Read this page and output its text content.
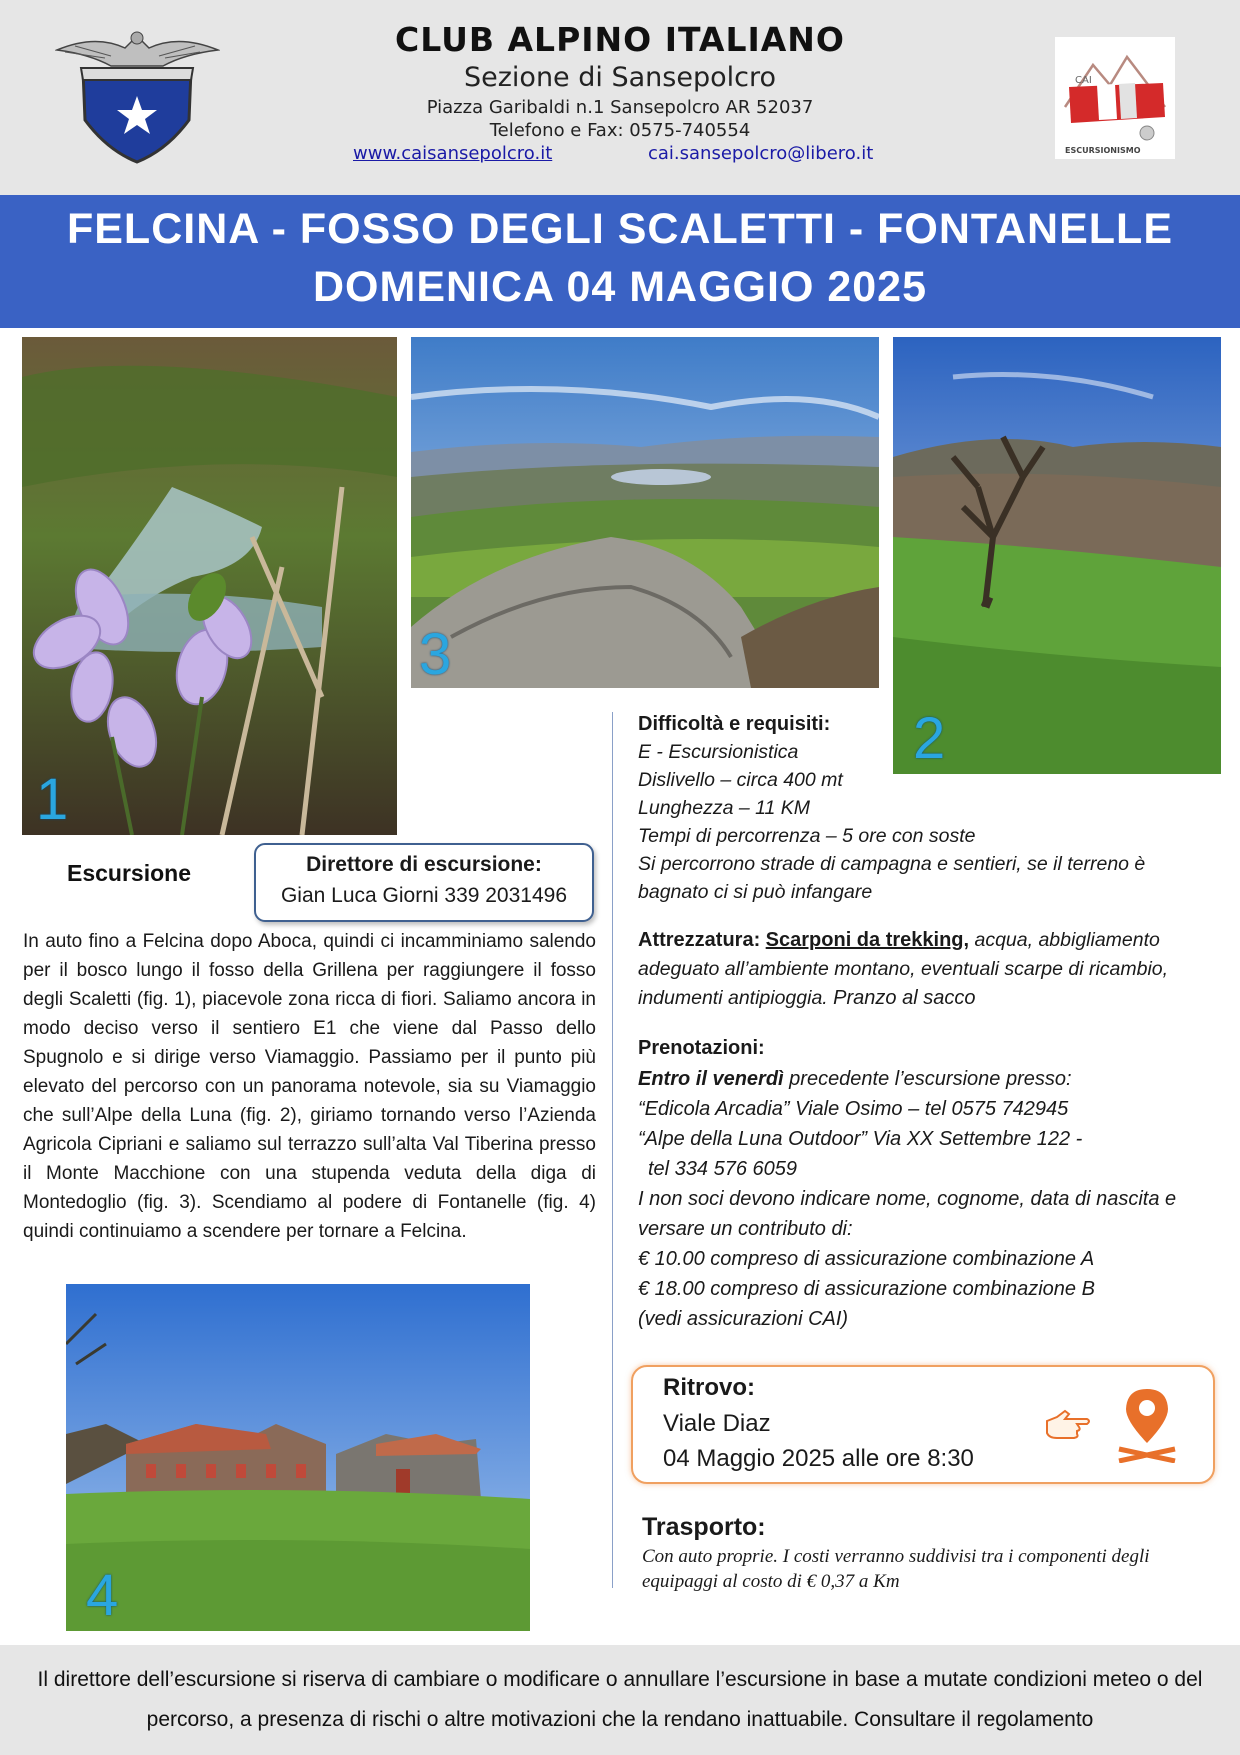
CLUB ALPINO ITALIANO
Sezione di Sansepolcro
Piazza Garibaldi n.1 Sansepolcro AR 52037
Telefono e Fax: 0575-740554
www.caisansepolcro.it	cai.sansepolcro@libero.it
CAI
ESCURSIONISMO
FELCINA - FOSSO DEGLI SCALETTI - FONTANELLE
DOMENICA 04 MAGGIO 2025
1
3
2
4
Escursione	Direttore di escursione:
Gian Luca Giorni 339 2031496
In auto fino a Felcina dopo Aboca, quindi ci incamminiamo salendo per il bosco lungo il fosso della Grillena per raggiungere il fosso degli Scaletti (fig. 1), piacevole zona ricca di fiori. Saliamo ancora in modo deciso verso il sentiero E1 che viene dal Passo dello Spugnolo e si dirige verso Viamaggio. Passiamo per il punto più elevato del percorso con un panorama notevole, sia su Viamaggio che sull’Alpe della Luna (fig. 2), giriamo tornando verso l’Azienda Agricola Cipriani e saliamo sul terrazzo sull’alta Val Tiberina presso il Monte Macchione con una stupenda veduta della diga di Montedoglio (fig. 3). Scendiamo al podere di Fontanelle (fig. 4) quindi continuiamo a scendere per tornare a Felcina.

Difficoltà e requisiti:

E - Escursionistica

Dislivello – circa 400 mt

Lunghezza – 11 KM

Tempi di percorrenza – 5 ore con soste

Si percorrono strade di campagna e sentieri, se il terreno è bagnato ci si può infangare

Attrezzatura: Scarponi da trekking, acqua, abbigliamento adeguato all’ambiente montano, eventuali scarpe di ricambio, indumenti antipioggia. Pranzo al sacco

Prenotazioni:

Entro il venerdì precedente l’escursione presso:

“Edicola Arcadia” Viale Osimo – tel 0575 742945

“Alpe della Luna Outdoor” Via XX Settembre 122 -

tel 334 576 6059

I non soci devono indicare nome, cognome, data di nascita e versare un contributo di:

€ 10.00 compreso di assicurazione combinazione A

€ 18.00 compreso di assicurazione combinazione B

(vedi assicurazioni CAI)

Ritrovo:
Viale Diaz
04 Maggio 2025 alle ore 8:30
Trasporto:
Con auto proprie. I costi verranno suddivisi tra i componenti degli equipaggi al costo di € 0,37 a Km
Il direttore dell’escursione si riserva di cambiare o modificare o annullare l’escursione in base a mutate condizioni meteo o del percorso, a presenza di rischi o altre motivazioni che la rendano inattuabile. Consultare il regolamento
